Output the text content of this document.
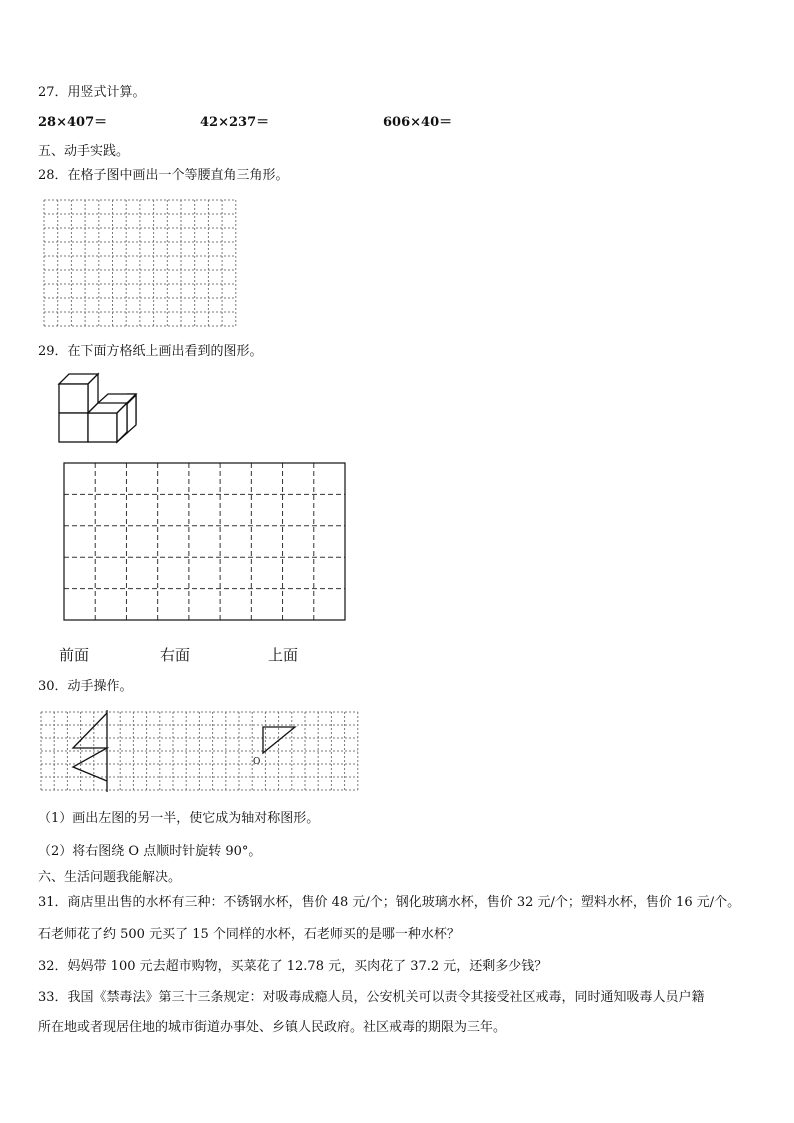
27．用竖式计算。
28×407＝	42×237＝	606×40＝
五、动手实践。
28．在格子图中画出一个等腰直角三角形。
29．在下面方格纸上画出看到的图形。
前面	右面	上面
30．动手操作。
O
（1）画出左图的另一半，使它成为轴对称图形。
（2）将右图绕 O 点顺时针旋转 90°。
六、生活问题我能解决。
31．商店里出售的水杯有三种：不锈钢水杯，售价 48 元/个；钢化玻璃水杯，售价 32 元/个；塑料水杯，售价 16 元/个。
石老师花了约 500 元买了 15 个同样的水杯，石老师买的是哪一种水杯？
32．妈妈带 100 元去超市购物，买菜花了 12.78 元，买肉花了 37.2 元，还剩多少钱？
33．我国《禁毒法》第三十三条规定：对吸毒成瘾人员，公安机关可以责令其接受社区戒毒，同时通知吸毒人员户籍
所在地或者现居住地的城市街道办事处、乡镇人民政府。社区戒毒的期限为三年。
